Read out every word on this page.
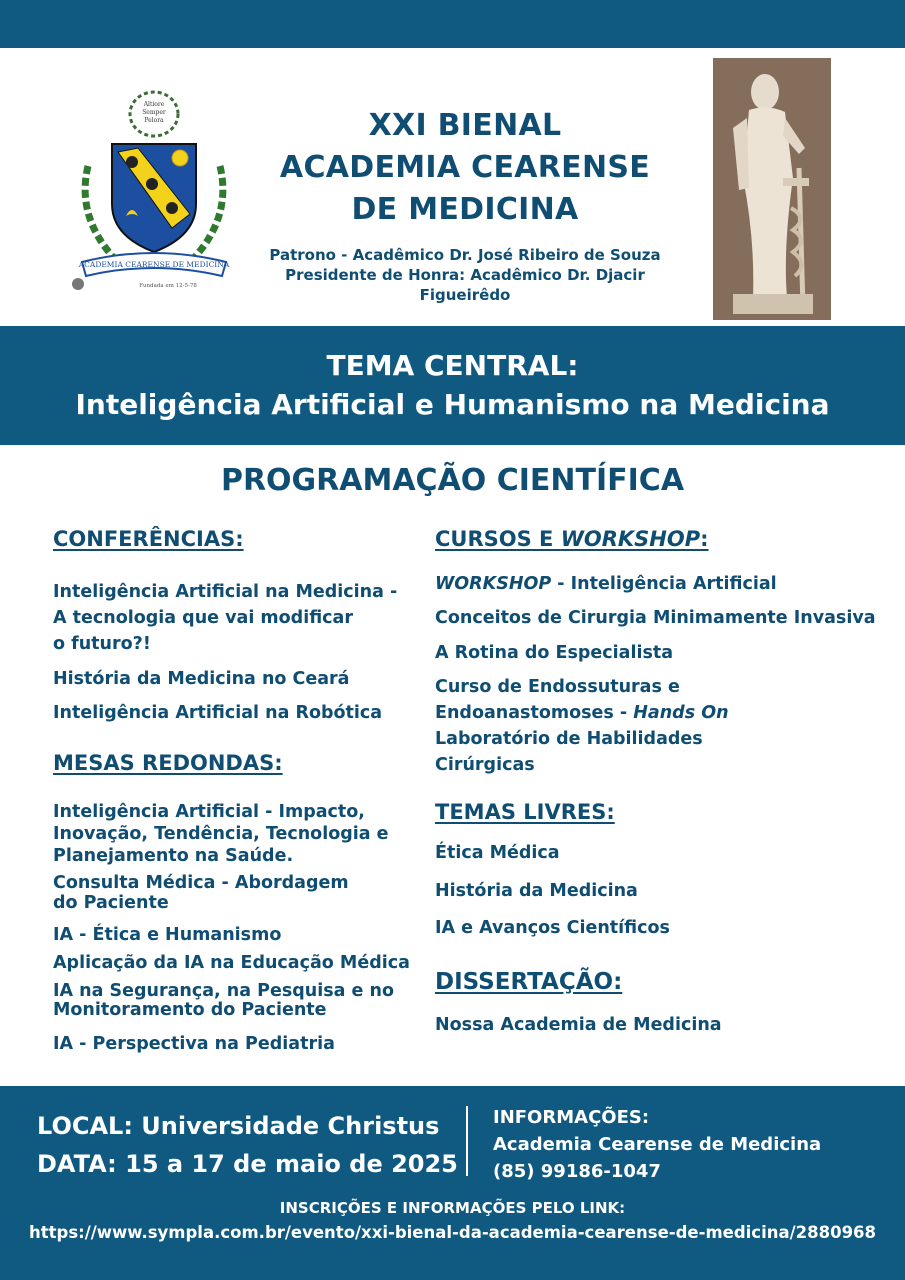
Altiore
Semper
Pelora
ACADEMIA CEARENSE DE MEDICINA
Fundada em 12-5-78
XXI BIENAL
ACADEMIA CEARENSE
DE MEDICINA
Patrono - Acadêmico Dr. José Ribeiro de Souza
Presidente de Honra: Acadêmico Dr. Djacir Figueirêdo
TEMA CENTRAL:
Inteligência Artificial e Humanismo na Medicina
PROGRAMAÇÃO CIENTÍFICA
CONFERÊNCIAS:
Inteligência Artificial na Medicina -
A tecnologia que vai modificar
o futuro?!
História da Medicina no Ceará
Inteligência Artificial na Robótica
MESAS REDONDAS:
Inteligência Artificial - Impacto,
Inovação, Tendência, Tecnologia e
Planejamento na Saúde.
Consulta Médica - Abordagem
do Paciente
IA - Ética e Humanismo
Aplicação da IA na Educação Médica
IA na Segurança, na Pesquisa e no
Monitoramento do Paciente
IA - Perspectiva na Pediatria
CURSOS E WORKSHOP:
WORKSHOP - Inteligência Artificial
Conceitos de Cirurgia Minimamente Invasiva
A Rotina do Especialista
Curso de Endossuturas e
Endoanastomoses - Hands On
Laboratório de Habilidades
Cirúrgicas
TEMAS LIVRES:
Ética Médica
História da Medicina
IA e Avanços Científicos
DISSERTAÇÃO:
Nossa Academia de Medicina
LOCAL: Universidade Christus
DATA: 15 a 17 de maio de 2025
INFORMAÇÕES:
Academia Cearense de Medicina
(85) 99186-1047
INSCRIÇÕES E INFORMAÇÕES PELO LINK:
https://www.sympla.com.br/evento/xxi-bienal-da-academia-cearense-de-medicina/2880968
